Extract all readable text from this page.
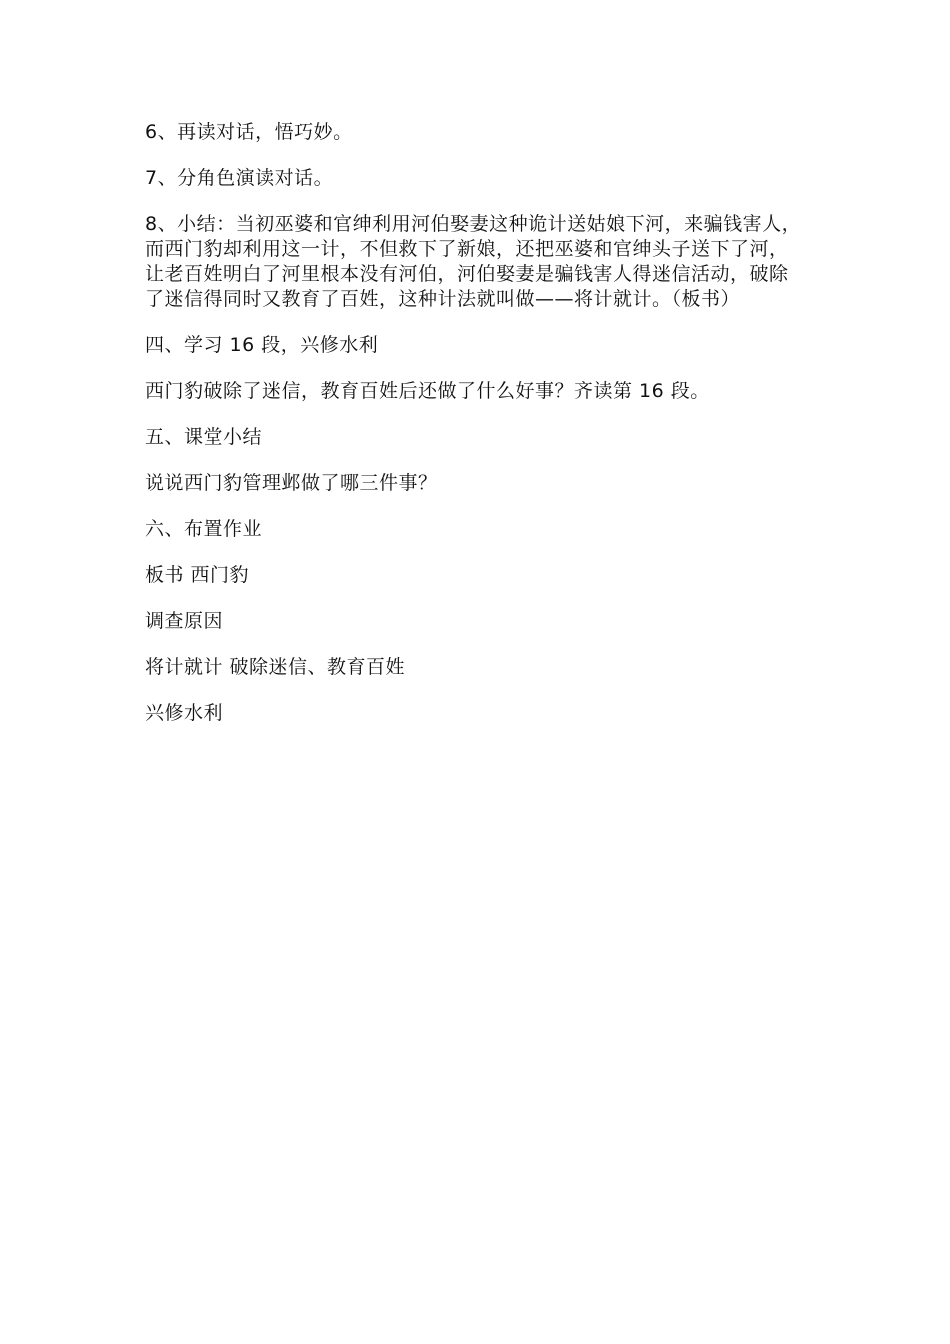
6、再读对话，悟巧妙。

7、分角色演读对话。

8、小结：当初巫婆和官绅利用河伯娶妻这种诡计送姑娘下河，来骗钱害人，而西门豹却利用这一计，不但救下了新娘，还把巫婆和官绅头子送下了河，让老百姓明白了河里根本没有河伯，河伯娶妻是骗钱害人得迷信活动，破除了迷信得同时又教育了百姓，这种计法就叫做——将计就计。（板书）

四、学习 16 段，兴修水利

西门豹破除了迷信，教育百姓后还做了什么好事？齐读第 16 段。

五、课堂小结

说说西门豹管理邺做了哪三件事？

六、布置作业

板书 西门豹

调查原因

将计就计 破除迷信、教育百姓

兴修水利
